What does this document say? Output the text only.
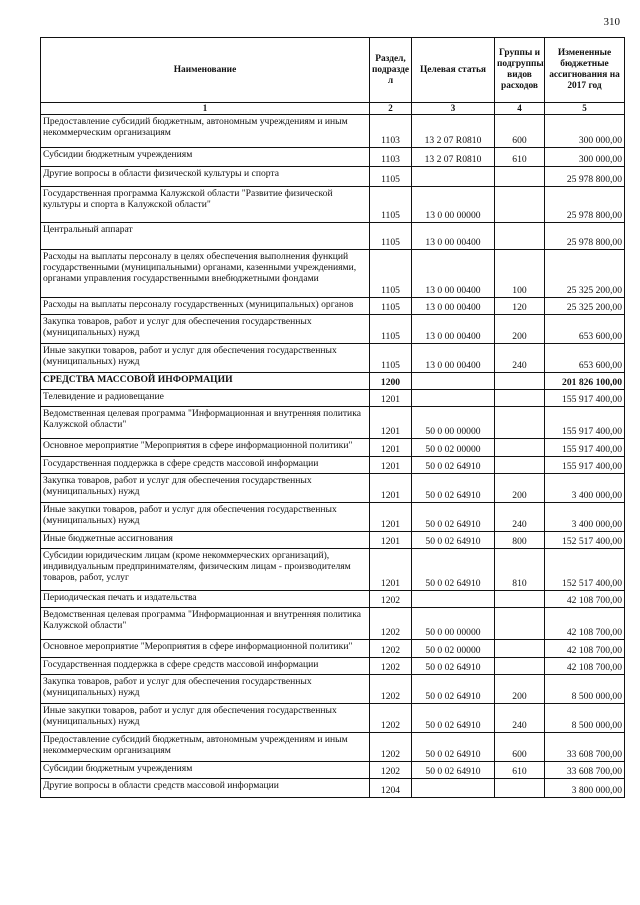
310
Наименование	Раздел, подразде л	Целевая статья	Группы и подгруппы видов расходов	Измененные бюджетные ассигнования на 2017 год
1	2	3	4	5
Предоставление субсидий бюджетным, автономным учреждениям и иным некоммерческим организациям	1103	13 2 07 R0810	600	300 000,00
Субсидии бюджетным учреждениям	1103	13 2 07 R0810	610	300 000,00
Другие вопросы в области физической культуры и спорта	1105			25 978 800,00
Государственная программа Калужской области "Развитие физической культуры и спорта в Калужской области"	1105	13 0 00 00000		25 978 800,00
Центральный аппарат	1105	13 0 00 00400		25 978 800,00
Расходы на выплаты персоналу в целях обеспечения выполнения функций государственными (муниципальными) органами, казенными учреждениями, органами управления государственными внебюджетными фондами	1105	13 0 00 00400	100	25 325 200,00
Расходы на выплаты персоналу государственных (муниципальных) органов	1105	13 0 00 00400	120	25 325 200,00
Закупка товаров, работ и услуг для обеспечения государственных (муниципальных) нужд	1105	13 0 00 00400	200	653 600,00
Иные закупки товаров, работ и услуг для обеспечения государственных (муниципальных) нужд	1105	13 0 00 00400	240	653 600,00
СРЕДСТВА МАССОВОЙ ИНФОРМАЦИИ	1200			201 826 100,00
Телевидение и радиовещание	1201			155 917 400,00
Ведомственная целевая программа "Информационная и внутренняя политика Калужской области"	1201	50 0 00 00000		155 917 400,00
Основное мероприятие "Мероприятия в сфере информационной политики"	1201	50 0 02 00000		155 917 400,00
Государственная поддержка в сфере средств массовой информации	1201	50 0 02 64910		155 917 400,00
Закупка товаров, работ и услуг для обеспечения государственных (муниципальных) нужд	1201	50 0 02 64910	200	3 400 000,00
Иные закупки товаров, работ и услуг для обеспечения государственных (муниципальных) нужд	1201	50 0 02 64910	240	3 400 000,00
Иные бюджетные ассигнования	1201	50 0 02 64910	800	152 517 400,00
Субсидии юридическим лицам (кроме некоммерческих организаций), индивидуальным предпринимателям, физическим лицам - производителям товаров, работ, услуг	1201	50 0 02 64910	810	152 517 400,00
Периодическая печать и издательства	1202			42 108 700,00
Ведомственная целевая программа "Информационная и внутренняя политика Калужской области"	1202	50 0 00 00000		42 108 700,00
Основное мероприятие "Мероприятия в сфере информационной политики"	1202	50 0 02 00000		42 108 700,00
Государственная поддержка в сфере средств массовой информации	1202	50 0 02 64910		42 108 700,00
Закупка товаров, работ и услуг для обеспечения государственных (муниципальных) нужд	1202	50 0 02 64910	200	8 500 000,00
Иные закупки товаров, работ и услуг для обеспечения государственных (муниципальных) нужд	1202	50 0 02 64910	240	8 500 000,00
Предоставление субсидий бюджетным, автономным учреждениям и иным некоммерческим организациям	1202	50 0 02 64910	600	33 608 700,00
Субсидии бюджетным учреждениям	1202	50 0 02 64910	610	33 608 700,00
Другие вопросы в области средств массовой информации	1204			3 800 000,00
